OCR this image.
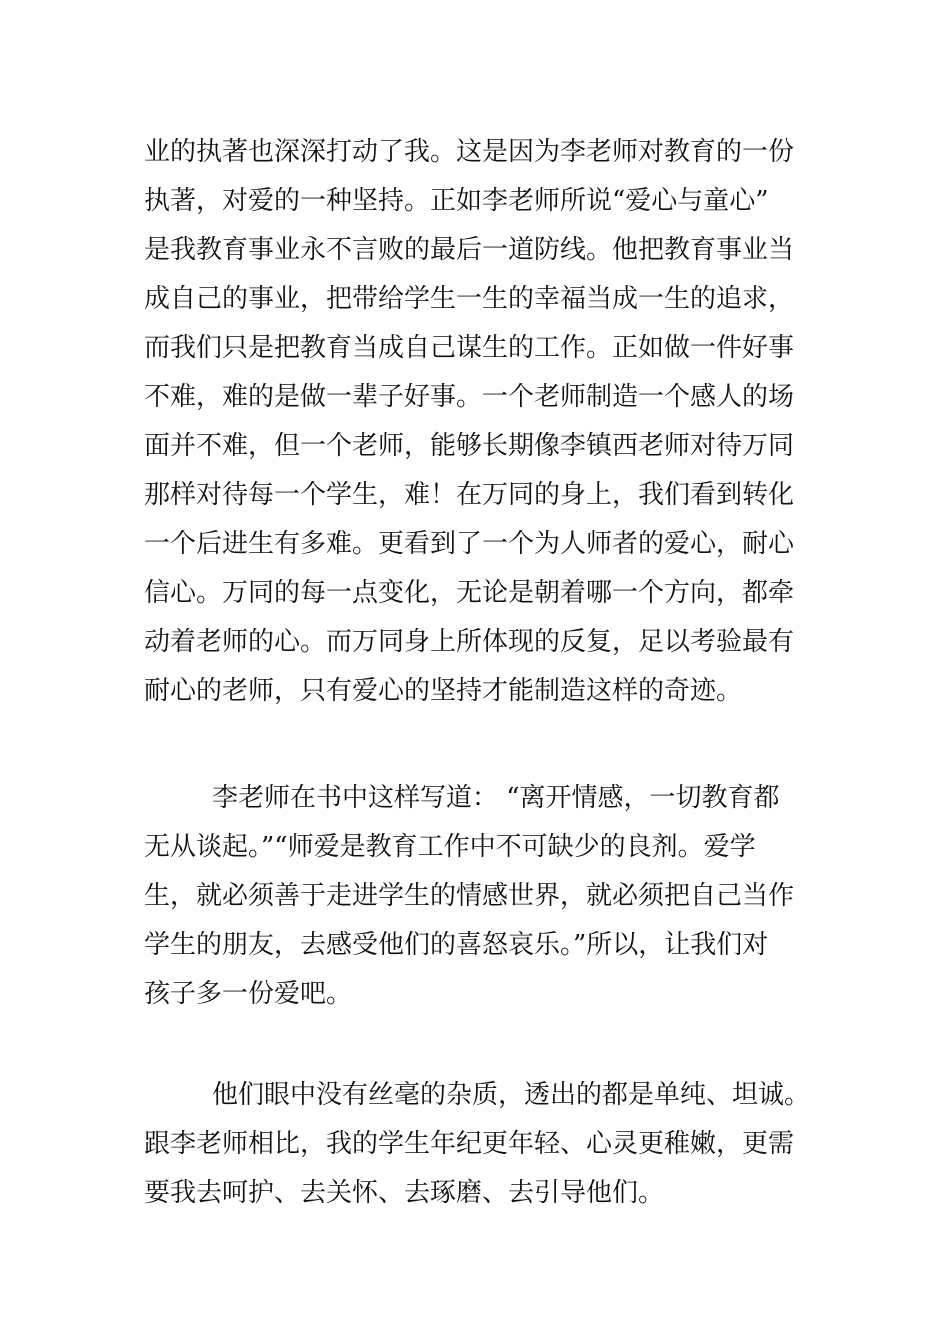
业的执著也深深打动了我。这是因为李老师对教育的一份
执著，对爱的一种坚持。正如李老师所说“爱心与童心”
是我教育事业永不言败的最后一道防线。他把教育事业当
成自己的事业，把带给学生一生的幸福当成一生的追求，
而我们只是把教育当成自己谋生的工作。正如做一件好事
不难，难的是做一辈子好事。一个老师制造一个感人的场
面并不难，但一个老师，能够长期像李镇西老师对待万同
那样对待每一个学生，难！在万同的身上，我们看到转化
一个后进生有多难。更看到了一个为人师者的爱心，耐心
信心。万同的每一点变化，无论是朝着哪一个方向，都牵
动着老师的心。而万同身上所体现的反复，足以考验最有
耐心的老师，只有爱心的坚持才能制造这样的奇迹。
李老师在书中这样写道： “离开情感，一切教育都
无从谈起。”“师爱是教育工作中不可缺少的良剂。爱学
生，就必须善于走进学生的情感世界，就必须把自己当作
学生的朋友，去感受他们的喜怒哀乐。”所以，让我们对
孩子多一份爱吧。
他们眼中没有丝毫的杂质，透出的都是单纯、坦诚。
跟李老师相比，我的学生年纪更年轻、心灵更稚嫩，更需
要我去呵护、去关怀、去琢磨、去引导他们。
